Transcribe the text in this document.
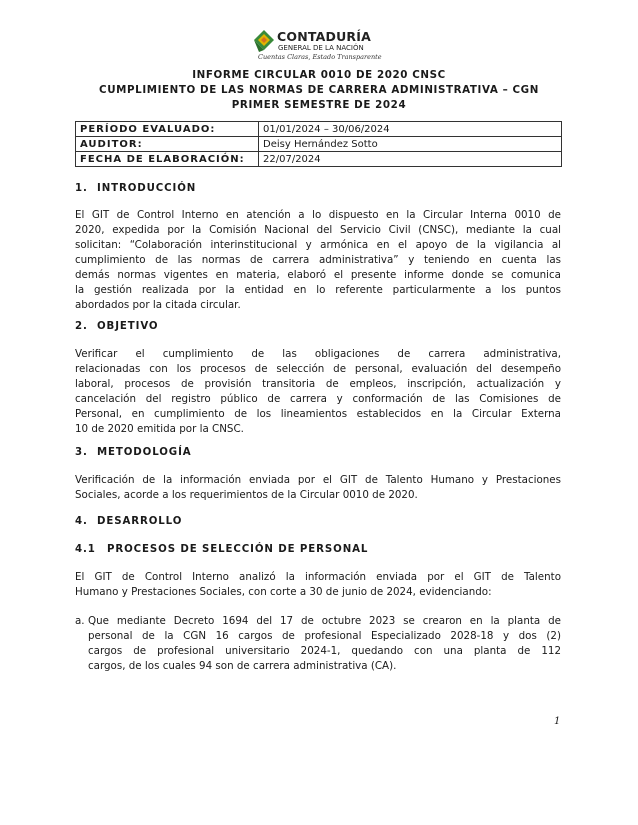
CONTADURÍA
GENERAL DE LA NACIÓN
Cuentas Claras, Estado Transparente
INFORME CIRCULAR 0010 DE 2020 CNSC
CUMPLIMIENTO DE LAS NORMAS DE CARRERA ADMINISTRATIVA – CGN
PRIMER SEMESTRE DE 2024
PERÍODO EVALUADO:	01/01/2024 – 30/06/2024
AUDITOR:	Deisy Hernández Sotto
FECHA DE ELABORACIÓN:	22/07/2024
1. INTRODUCCIÓN
El GIT de Control Interno en atención a lo dispuesto en la Circular Interna 0010 de
2020, expedida por la Comisión Nacional del Servicio Civil (CNSC), mediante la cual
solicitan: “Colaboración interinstitucional y armónica en el apoyo de la vigilancia al
cumplimiento de las normas de carrera administrativa” y teniendo en cuenta las
demás normas vigentes en materia, elaboró el presente informe donde se comunica
la gestión realizada por la entidad en lo referente particularmente a los puntos
abordados por la citada circular.
2. OBJETIVO
Verificar el cumplimiento de las obligaciones de carrera administrativa,
relacionadas con los procesos de selección de personal, evaluación del desempeño
laboral, procesos de provisión transitoria de empleos, inscripción, actualización y
cancelación del registro público de carrera y conformación de las Comisiones de
Personal, en cumplimiento de los lineamientos establecidos en la Circular Externa
10 de 2020 emitida por la CNSC.
3. METODOLOGÍA
Verificación de la información enviada por el GIT de Talento Humano y Prestaciones
Sociales, acorde a los requerimientos de la Circular 0010 de 2020.
4. DESARROLLO
4.1 PROCESOS DE SELECCIÓN DE PERSONAL
El GIT de Control Interno analizó la información enviada por el GIT de Talento
Humano y Prestaciones Sociales, con corte a 30 de junio de 2024, evidenciando:
a. Que mediante Decreto 1694 del 17 de octubre 2023 se crearon en la planta de
personal de la CGN 16 cargos de profesional Especializado 2028-18 y dos (2)
cargos de profesional universitario 2024-1, quedando con una planta de 112
cargos, de los cuales 94 son de carrera administrativa (CA).
1
